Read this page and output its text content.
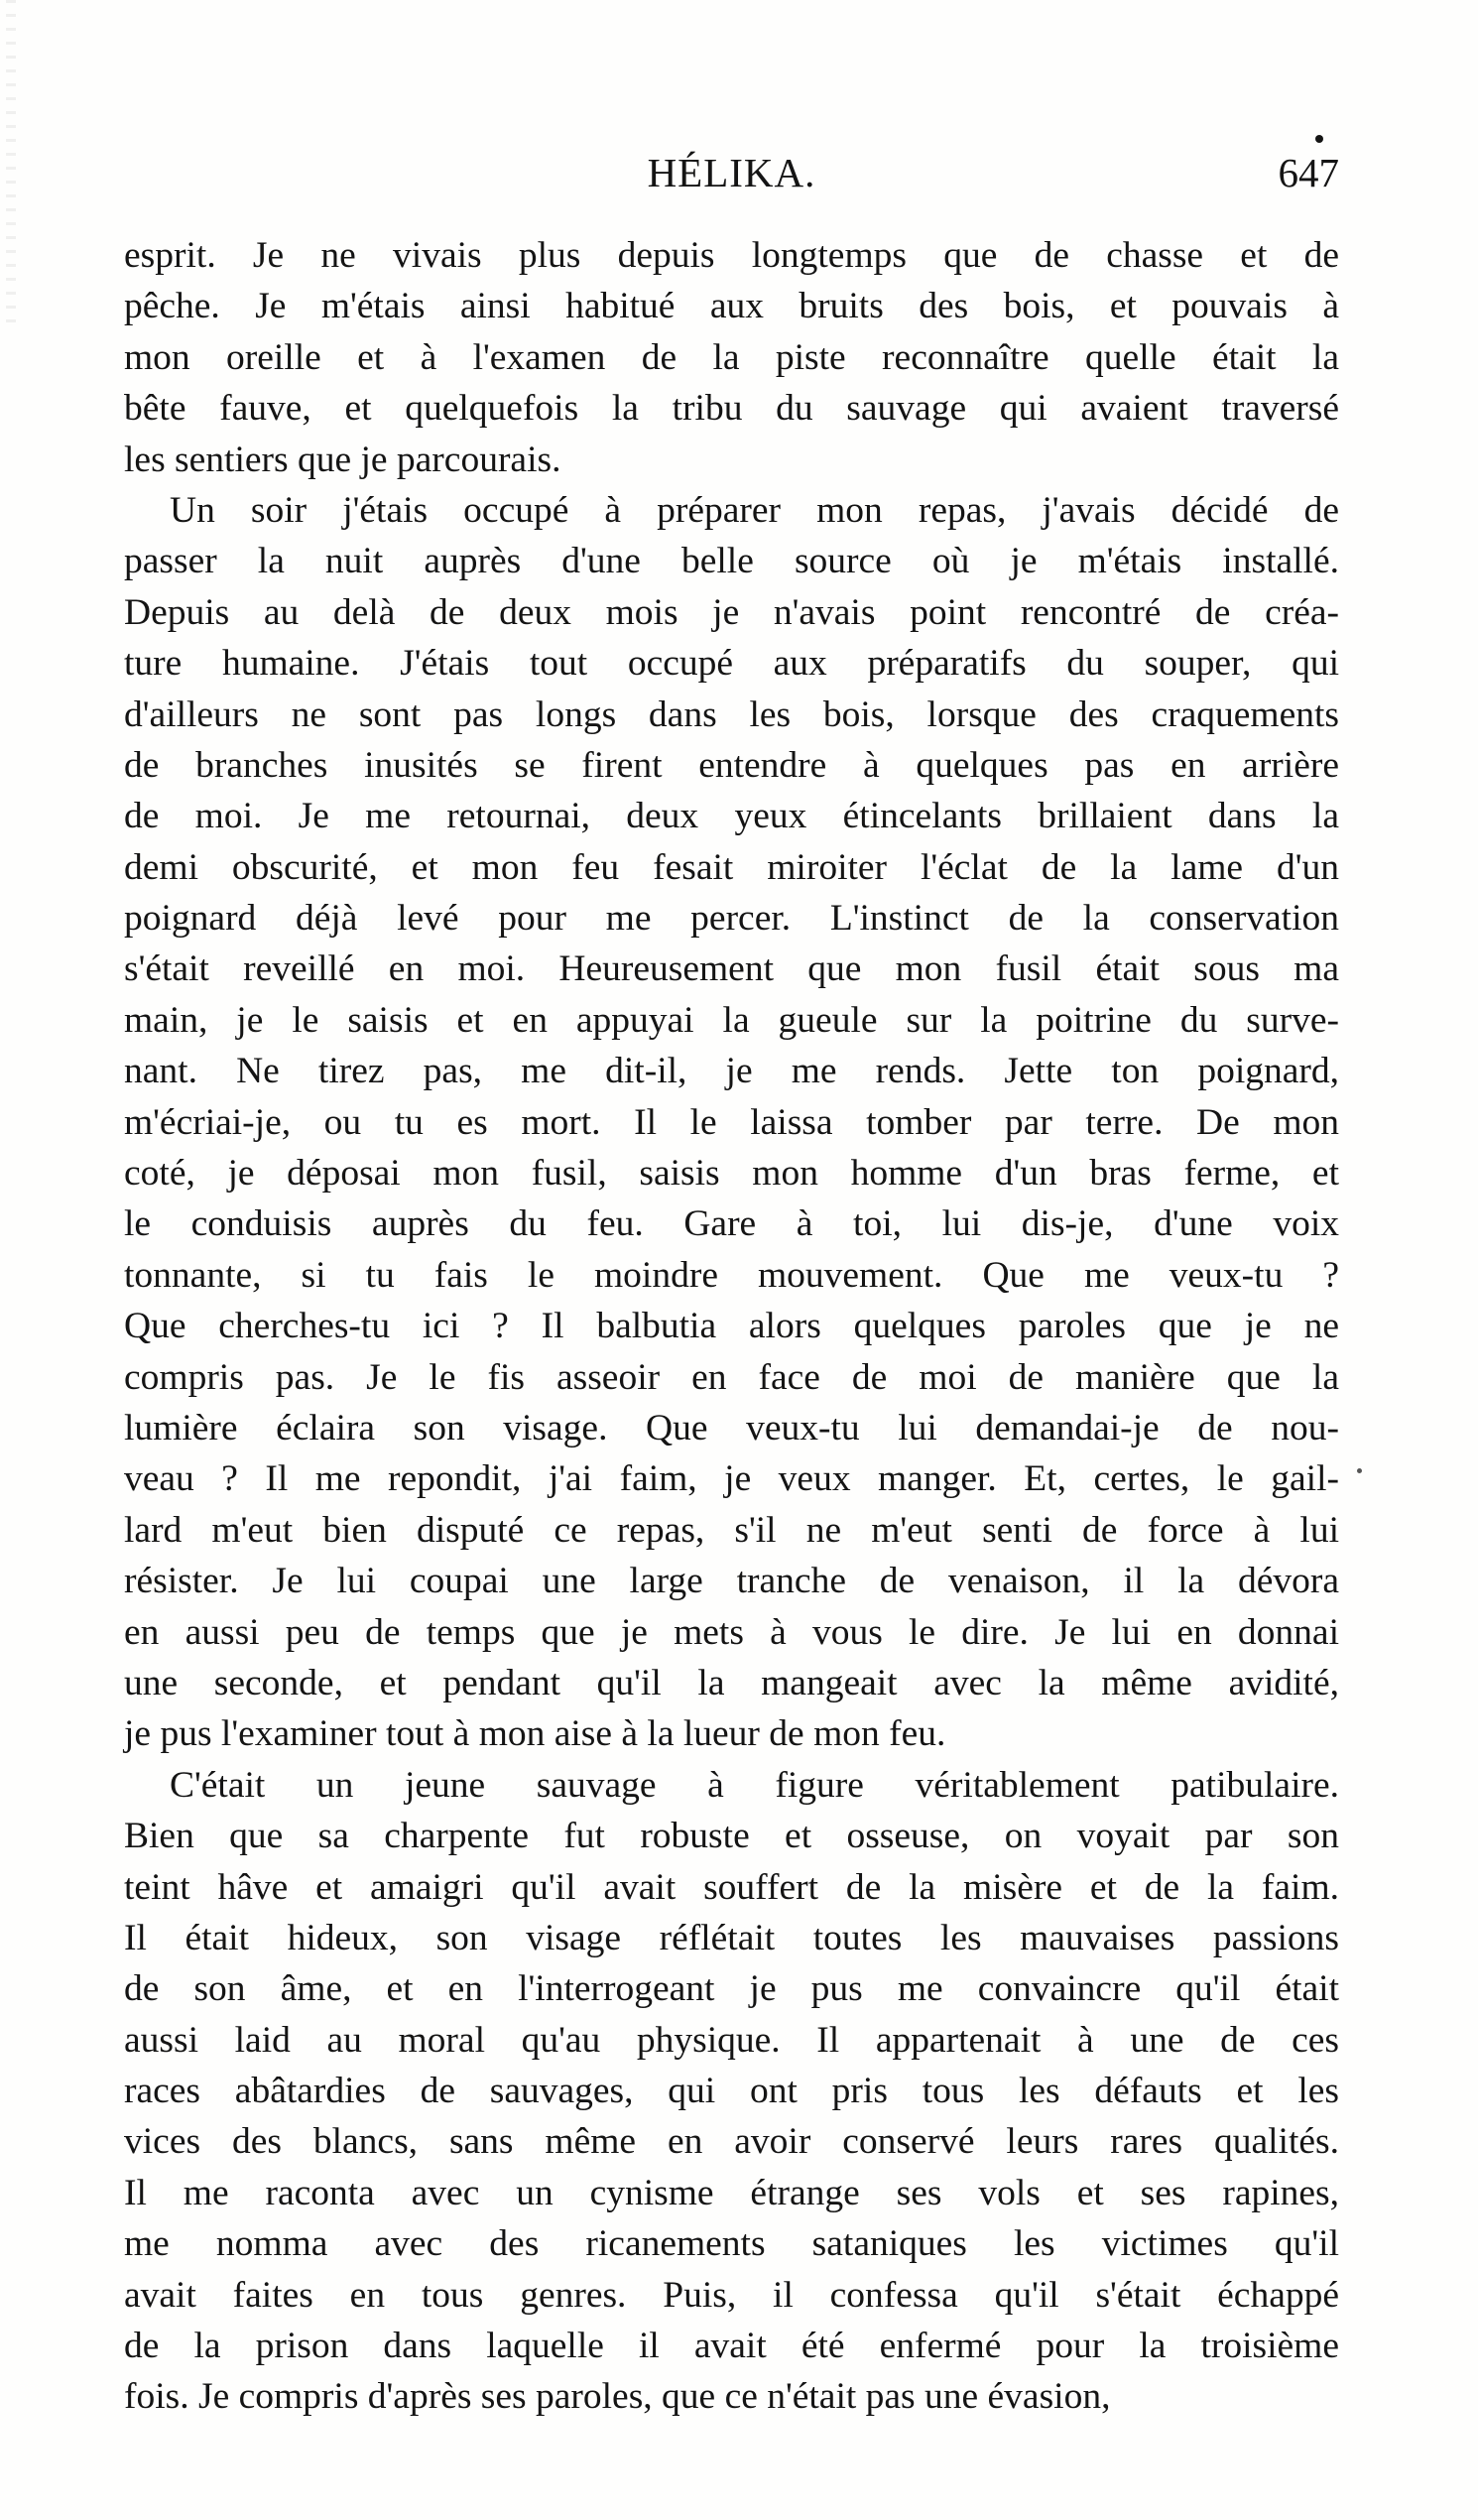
HÉLIKA.	647
esprit. Je ne vivais plus depuis longtemps que de chasse et de
pêche. Je m'étais ainsi habitué aux bruits des bois, et pouvais à
mon oreille et à l'examen de la piste reconnaître quelle était la
bête fauve, et quelquefois la tribu du sauvage qui avaient traversé
les sentiers que je parcourais.
Un soir j'étais occupé à préparer mon repas, j'avais décidé de
passer la nuit auprès d'une belle source où je m'étais installé.
Depuis au delà de deux mois je n'avais point rencontré de créa-
ture humaine. J'étais tout occupé aux préparatifs du souper, qui
d'ailleurs ne sont pas longs dans les bois, lorsque des craquements
de branches inusités se firent entendre à quelques pas en arrière
de moi. Je me retournai, deux yeux étincelants brillaient dans la
demi obscurité, et mon feu fesait miroiter l'éclat de la lame d'un
poignard déjà levé pour me percer. L'instinct de la conservation
s'était reveillé en moi. Heureusement que mon fusil était sous ma
main, je le saisis et en appuyai la gueule sur la poitrine du surve-
nant. Ne tirez pas, me dit-il, je me rends. Jette ton poignard,
m'écriai-je, ou tu es mort. Il le laissa tomber par terre. De mon
coté, je déposai mon fusil, saisis mon homme d'un bras ferme, et
le conduisis auprès du feu. Gare à toi, lui dis-je, d'une voix
tonnante, si tu fais le moindre mouvement. Que me veux-tu ?
Que cherches-tu ici ? Il balbutia alors quelques paroles que je ne
compris pas. Je le fis asseoir en face de moi de manière que la
lumière éclaira son visage. Que veux-tu lui demandai-je de nou-
veau ? Il me repondit, j'ai faim, je veux manger. Et, certes, le gail-
lard m'eut bien disputé ce repas, s'il ne m'eut senti de force à lui
résister. Je lui coupai une large tranche de venaison, il la dévora
en aussi peu de temps que je mets à vous le dire. Je lui en donnai
une seconde, et pendant qu'il la mangeait avec la même avidité,
je pus l'examiner tout à mon aise à la lueur de mon feu.
C'était un jeune sauvage à figure véritablement patibulaire.
Bien que sa charpente fut robuste et osseuse, on voyait par son
teint hâve et amaigri qu'il avait souffert de la misère et de la faim.
Il était hideux, son visage réflétait toutes les mauvaises passions
de son âme, et en l'interrogeant je pus me convaincre qu'il était
aussi laid au moral qu'au physique. Il appartenait à une de ces
races abâtardies de sauvages, qui ont pris tous les défauts et les
vices des blancs, sans même en avoir conservé leurs rares qualités.
Il me raconta avec un cynisme étrange ses vols et ses rapines,
me nomma avec des ricanements sataniques les victimes qu'il
avait faites en tous genres. Puis, il confessa qu'il s'était échappé
de la prison dans laquelle il avait été enfermé pour la troisième
fois. Je compris d'après ses paroles, que ce n'était pas une évasion,
